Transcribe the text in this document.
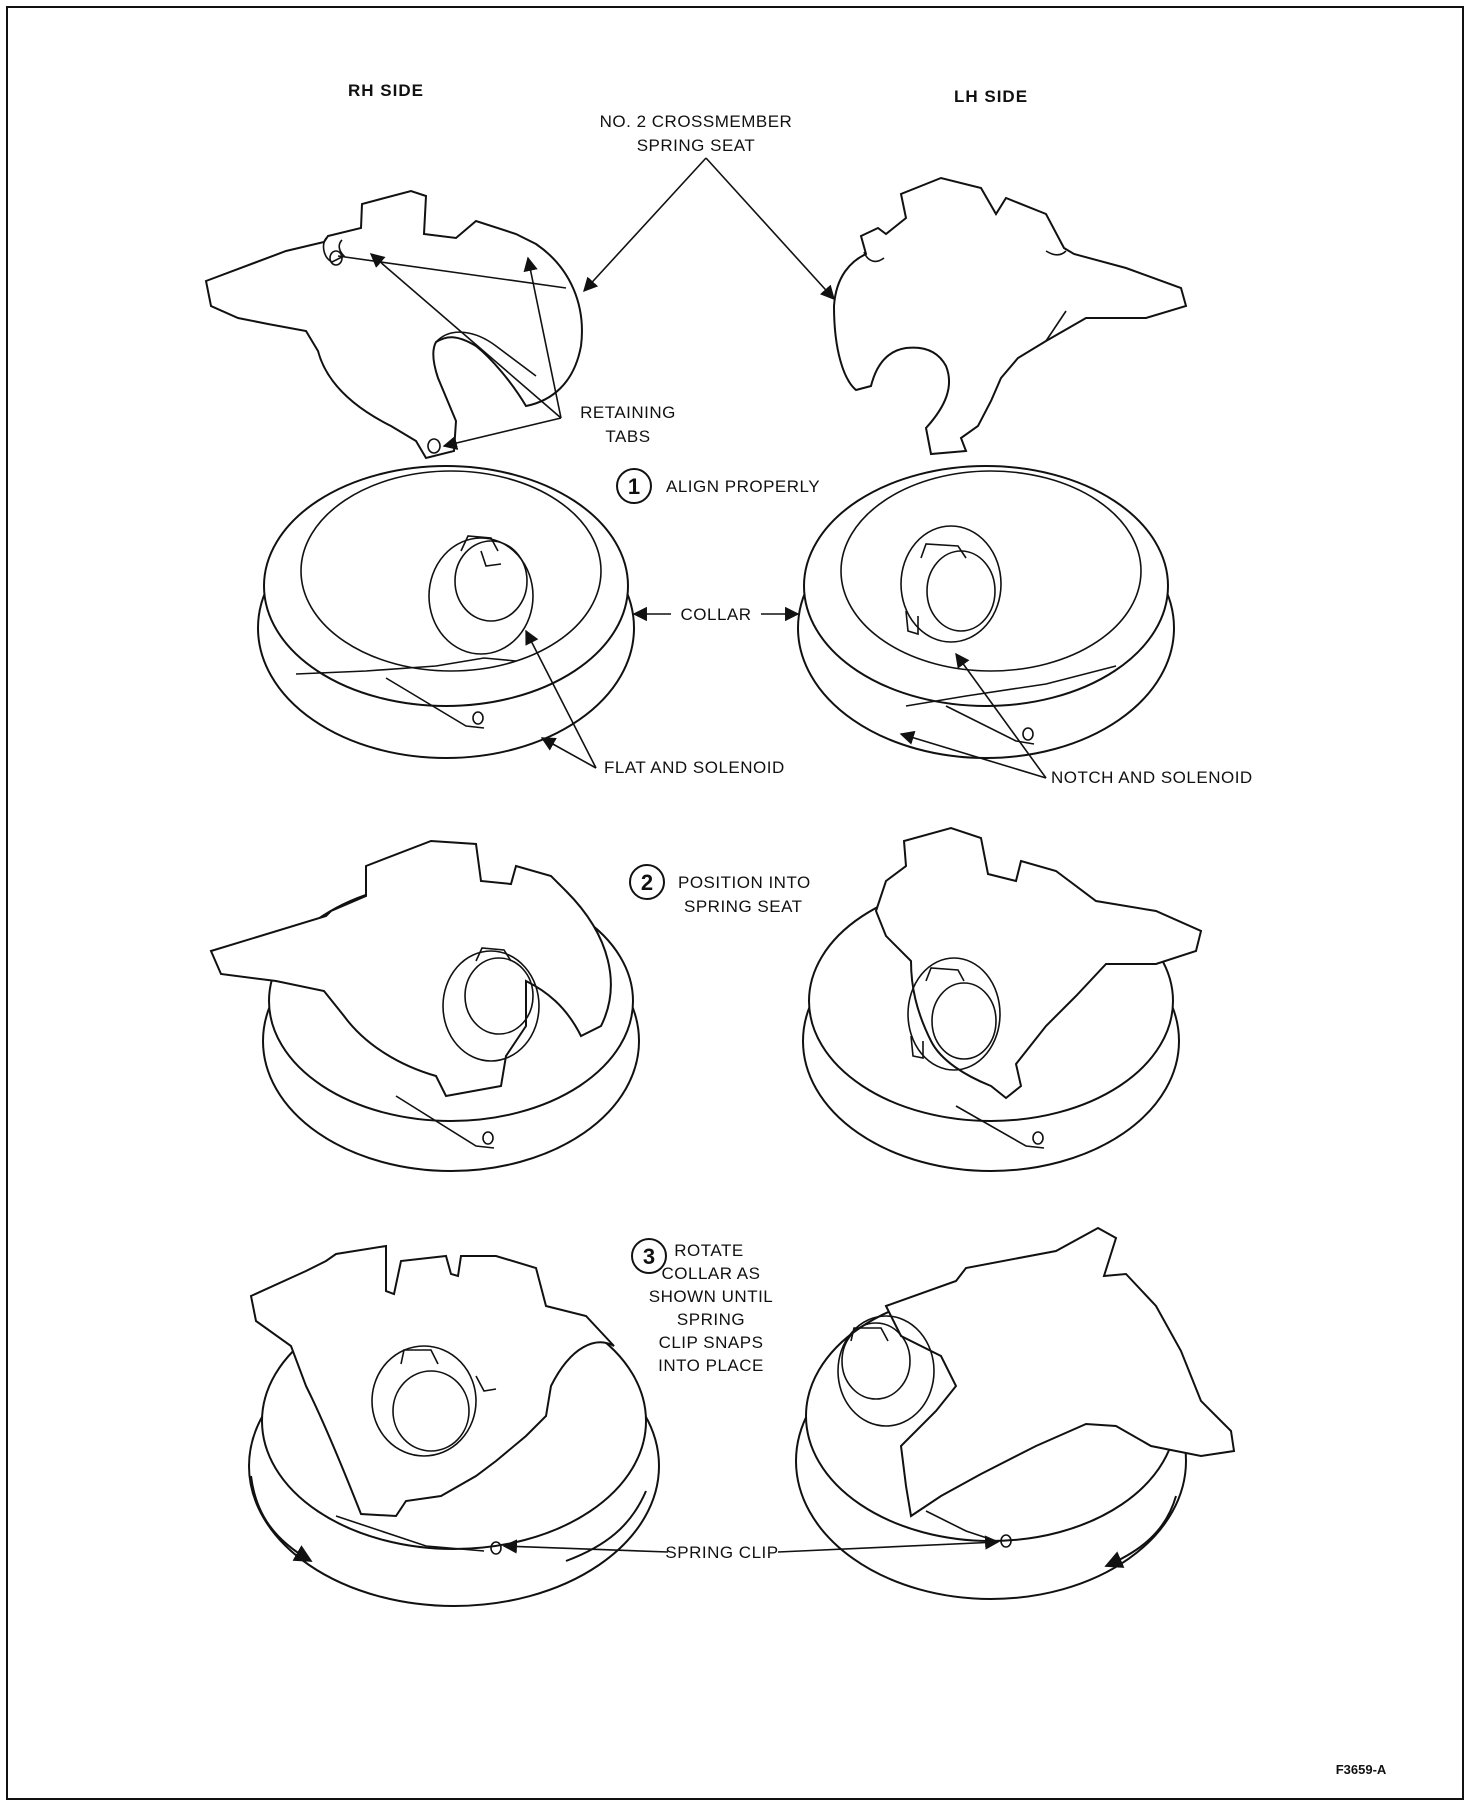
RH SIDE	LH SIDE
NO. 2 CROSSMEMBER
SPRING SEAT
RETAINING
TABS
1 ALIGN PROPERLY
COLLAR
FLAT AND SOLENOID
NOTCH AND SOLENOID
2 POSITION INTO
SPRING SEAT
3 ROTATE
COLLAR AS
SHOWN UNTIL
SPRING
CLIP SNAPS
INTO PLACE
SPRING CLIP
F3659-A
